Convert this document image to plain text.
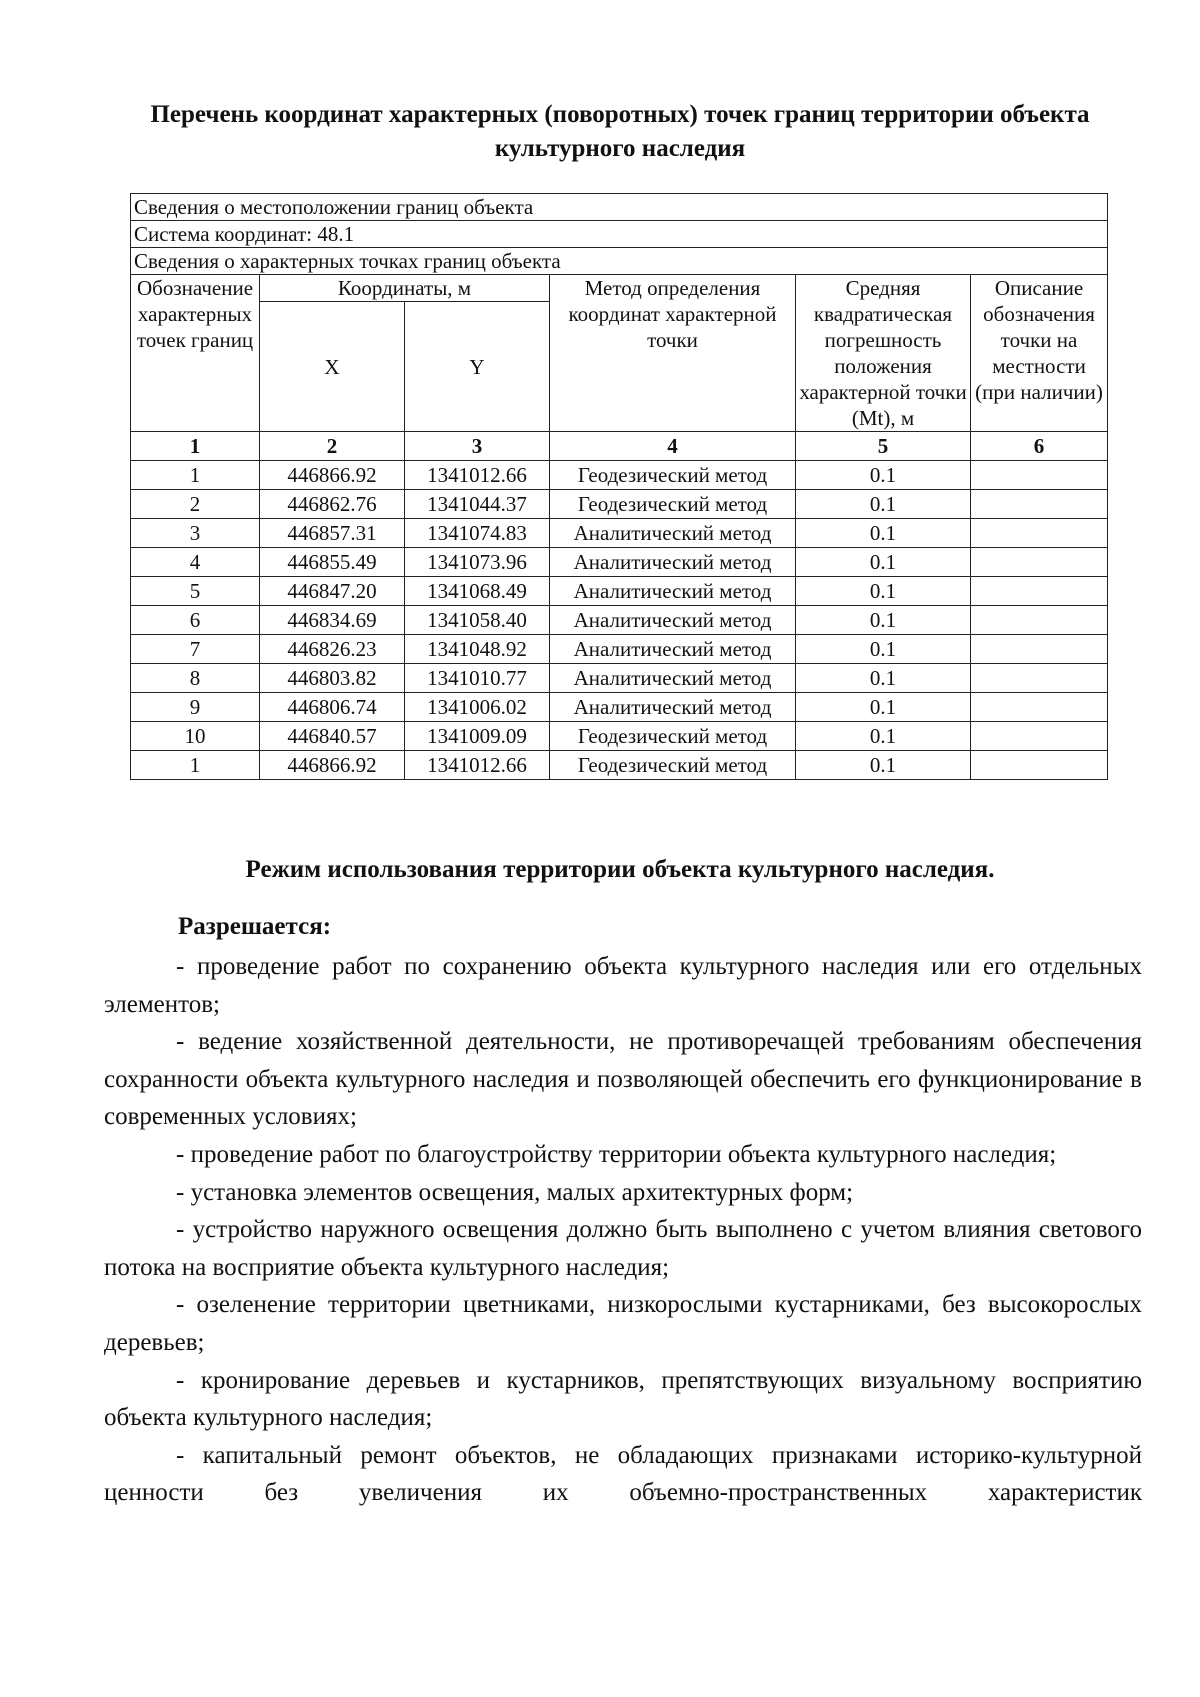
Перечень координат характерных (поворотных) точек границ территории объекта культурного наследия
Сведения о местоположении границ объекта					
Система координат: 48.1					
Сведения о характерных точках границ объекта					
Обозначение характерных точек границ	Координаты, м		Метод определения координат характерной точки	Средняя квадратическая погрешность положения характерной точки (Mt), м	Описание обозначения точки на местности (при наличии)
	X	Y			
1	2	3	4	5	6
1	446866.92	1341012.66	Геодезический метод	0.1	
2	446862.76	1341044.37	Геодезический метод	0.1	
3	446857.31	1341074.83	Аналитический метод	0.1	
4	446855.49	1341073.96	Аналитический метод	0.1	
5	446847.20	1341068.49	Аналитический метод	0.1	
6	446834.69	1341058.40	Аналитический метод	0.1	
7	446826.23	1341048.92	Аналитический метод	0.1	
8	446803.82	1341010.77	Аналитический метод	0.1	
9	446806.74	1341006.02	Аналитический метод	0.1	
10	446840.57	1341009.09	Геодезический метод	0.1	
1	446866.92	1341012.66	Геодезический метод	0.1	
Режим использования территории объекта культурного наследия.
Разрешается:

- проведение работ по сохранению объекта культурного наследия или его отдельных элементов;

- ведение хозяйственной деятельности, не противоречащей требованиям обеспечения сохранности объекта культурного наследия и позволяющей обеспечить его функционирование в современных условиях;

- проведение работ по благоустройству территории объекта культурного наследия;

- установка элементов освещения, малых архитектурных форм;

- устройство наружного освещения должно быть выполнено с учетом влияния светового потока на восприятие объекта культурного наследия;

- озеленение территории цветниками, низкорослыми кустарниками, без высокорослых деревьев;

- кронирование деревьев и кустарников, препятствующих визуальному восприятию объекта культурного наследия;

- капитальный ремонт объектов, не обладающих признаками историко-культурной ценности без увеличения их объемно-пространственных характеристик
